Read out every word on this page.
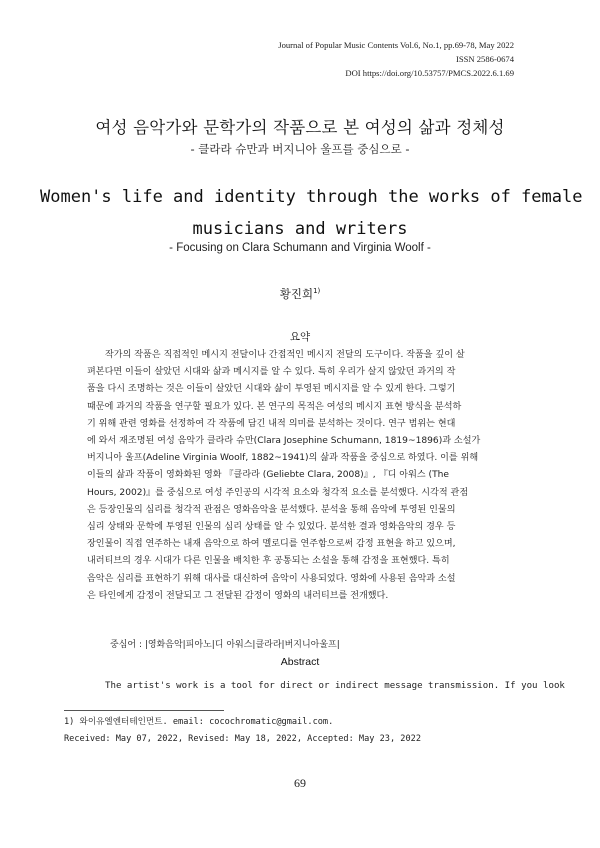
Journal of Popular Music Contents Vol.6, No.1, pp.69-78, May 2022
ISSN 2586-0674
DOI https://doi.org/10.53757/PMCS.2022.6.1.69
여성 음악가와 문학가의 작품으로 본 여성의 삶과 정체성
- 클라라 슈만과 버지니아 울프를 중심으로 -
Women's life and identity through the works of female
musicians and writers
- Focusing on Clara Schumann and Virginia Woolf -
황진희$^{1)}$
요약
작가의 작품은 직접적인 메시지 전달이나 간접적인 메시지 전달의 도구이다. 작품을 깊이 살
펴본다면 이들이 살았던 시대와 삶과 메시지를 알 수 있다. 특히 우리가 살지 않았던 과거의 작
품을 다시 조명하는 것은 이들이 살았던 시대와 삶이 투영된 메시지를 알 수 있게 한다. 그렇기
때문에 과거의 작품을 연구할 필요가 있다. 본 연구의 목적은 여성의 메시지 표현 방식을 분석하
기 위해 관련 영화를 선정하여 각 작품에 담긴 내적 의미를 분석하는 것이다. 연구 범위는 현대
에 와서 재조명된 여성 음악가 클라라 슈만(Clara Josephine Schumann, 1819~1896)과 소설가
버지니아 울프(Adeline Virginia Woolf, 1882~1941)의 삶과 작품을 중심으로 하였다. 이를 위해
이들의 삶과 작품이 영화화된 영화 『클라라 (Geliebte Clara, 2008)』, 『디 아워스 (The
Hours, 2002)』를 중심으로 여성 주인공의 시각적 요소와 청각적 요소를 분석했다. 시각적 관점
은 등장인물의 심리를 청각적 관점은 영화음악을 분석했다. 분석을 통해 음악에 투영된 인물의
심리 상태와 문학에 투영된 인물의 심리 상태를 알 수 있었다. 분석한 결과 영화음악의 경우 등
장인물이 직접 연주하는 내재 음악으로 하여 멜로디를 연주함으로써 감정 표현을 하고 있으며,
내러티브의 경우 시대가 다른 인물을 배치한 후 공통되는 소설을 통해 감정을 표현했다. 특히
음악은 심리를 표현하기 위해 대사를 대신하여 음악이 사용되었다. 영화에 사용된 음악과 소설
은 타인에게 감정이 전달되고 그 전달된 감정이 영화의 내러티브를 전개했다.
중심어 : |영화음악|피아노|디 아워스|클라라|버지니아울프|
Abstract
The artist's work is a tool for direct or indirect message transmission. If you look
1) 와이유엘엔터테인먼트. email: cocochromatic@gmail.com.
Received: May 07, 2022, Revised: May 18, 2022, Accepted: May 23, 2022
69
